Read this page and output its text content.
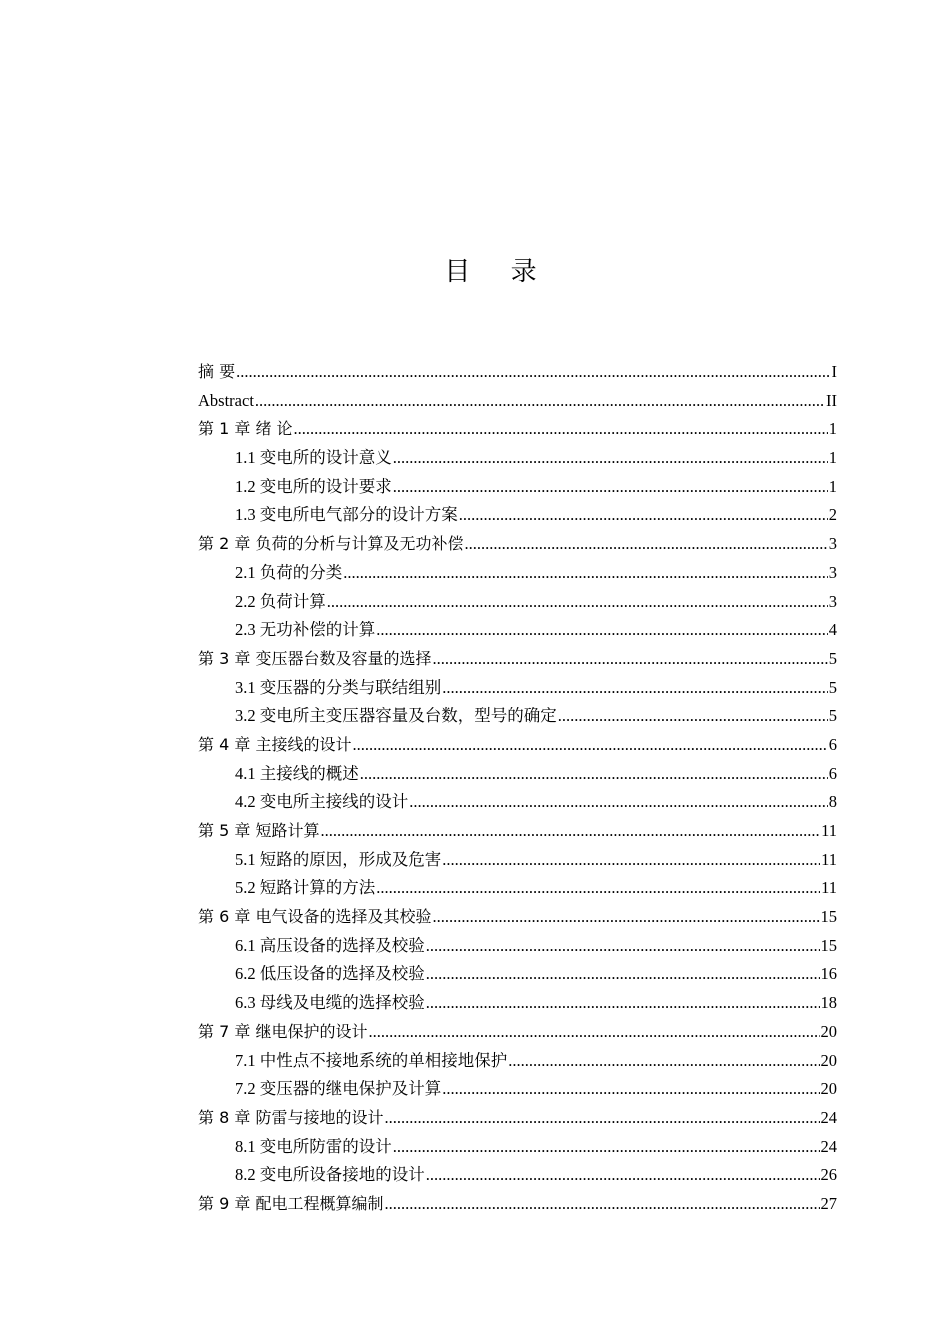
目 录
摘 要 .....	I
Abstract .....	II
第 1 章 绪 论 .....	1
1.1 变电所的设计意义 .....	1
1.2 变电所的设计要求 .....	1
1.3 变电所电气部分的设计方案 .....	2
第 2 章 负荷的分析与计算及无功补偿 .....	3
2.1 负荷的分类 .....	3
2.2 负荷计算 .....	3
2.3 无功补偿的计算 .....	4
第 3 章 变压器台数及容量的选择 .....	5
3.1 变压器的分类与联结组别 .....	5
3.2 变电所主变压器容量及台数，型号的确定 .....	5
第 4 章 主接线的设计 .....	6
4.1 主接线的概述 .....	6
4.2 变电所主接线的设计 .....	8
第 5 章 短路计算 .....	11
5.1 短路的原因，形成及危害 .....	11
5.2 短路计算的方法 .....	11
第 6 章 电气设备的选择及其校验 .....	15
6.1 高压设备的选择及校验 .....	15
6.2 低压设备的选择及校验 .....	16
6.3 母线及电缆的选择校验 .....	18
第 7 章 继电保护的设计 .....	20
7.1 中性点不接地系统的单相接地保护 .....	20
7.2 变压器的继电保护及计算 .....	20
第 8 章 防雷与接地的设计 .....	24
8.1 变电所防雷的设计 .....	24
8.2 变电所设备接地的设计 .....	26
第 9 章 配电工程概算编制 .....	27
